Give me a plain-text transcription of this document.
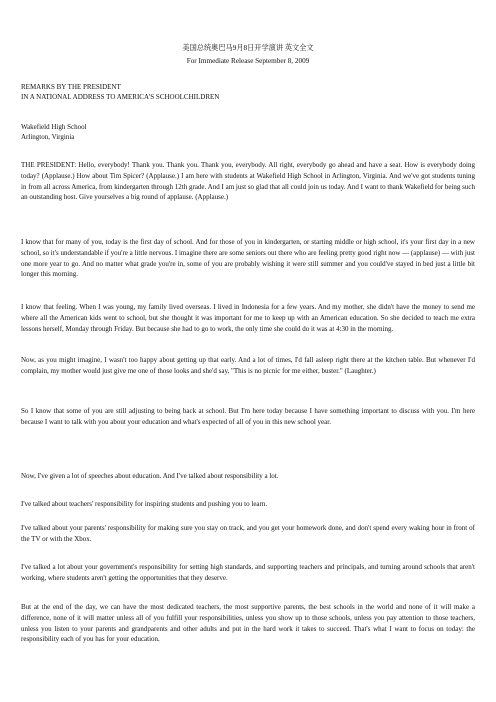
美国总统奥巴马9月8日开学演讲 英文全文
For Immediate Release September 8, 2009
REMARKS BY THE PRESIDENT
IN A NATIONAL ADDRESS TO AMERICA'S SCHOOLCHILDREN
Wakefield High School
Arlington, Virginia

THE PRESIDENT: Hello, everybody! Thank you. Thank you. Thank you, everybody. All right, everybody go ahead and have a seat. How is everybody doing today? (Applause.) How about Tim Spicer? (Applause.) I am here with students at Wakefield High School in Arlington, Virginia. And we've got students tuning in from all across America, from kindergarten through 12th grade. And I am just so glad that all could join us today. And I want to thank Wakefield for being such an outstanding host. Give yourselves a big round of applause. (Applause.)

I know that for many of you, today is the first day of school. And for those of you in kindergarten, or starting middle or high school, it's your first day in a new school, so it's understandable if you're a little nervous. I imagine there are some seniors out there who are feeling pretty good right now — (applause) — with just one more year to go. And no matter what grade you're in, some of you are probably wishing it were still summer and you could've stayed in bed just a little bit longer this morning.

I know that feeling. When I was young, my family lived overseas. I lived in Indonesia for a few years. And my mother, she didn't have the money to send me where all the American kids went to school, but she thought it was important for me to keep up with an American education. So she decided to teach me extra lessons herself, Monday through Friday. But because she had to go to work, the only time she could do it was at 4:30 in the morning.

Now, as you might imagine, I wasn't too happy about getting up that early. And a lot of times, I'd fall asleep right there at the kitchen table. But whenever I'd complain, my mother would just give me one of those looks and she'd say, "This is no picnic for me either, buster." (Laughter.)

So I know that some of you are still adjusting to being back at school. But I'm here today because I have something important to discuss with you. I'm here because I want to talk with you about your education and what's expected of all of you in this new school year.

Now, I've given a lot of speeches about education. And I've talked about responsibility a lot.

I've talked about teachers' responsibility for inspiring students and pushing you to learn.

I've talked about your parents' responsibility for making sure you stay on track, and you get your homework done, and don't spend every waking hour in front of the TV or with the Xbox.

I've talked a lot about your government's responsibility for setting high standards, and supporting teachers and principals, and turning around schools that aren't working, where students aren't getting the opportunities that they deserve.

But at the end of the day, we can have the most dedicated teachers, the most supportive parents, the best schools in the world and none of it will make a difference, none of it will matter unless all of you fulfill your responsibilities, unless you show up to those schools, unless you pay attention to those teachers, unless you listen to your parents and grandparents and other adults and put in the hard work it takes to succeed. That's what I want to focus on today: the responsibility each of you has for your education.
